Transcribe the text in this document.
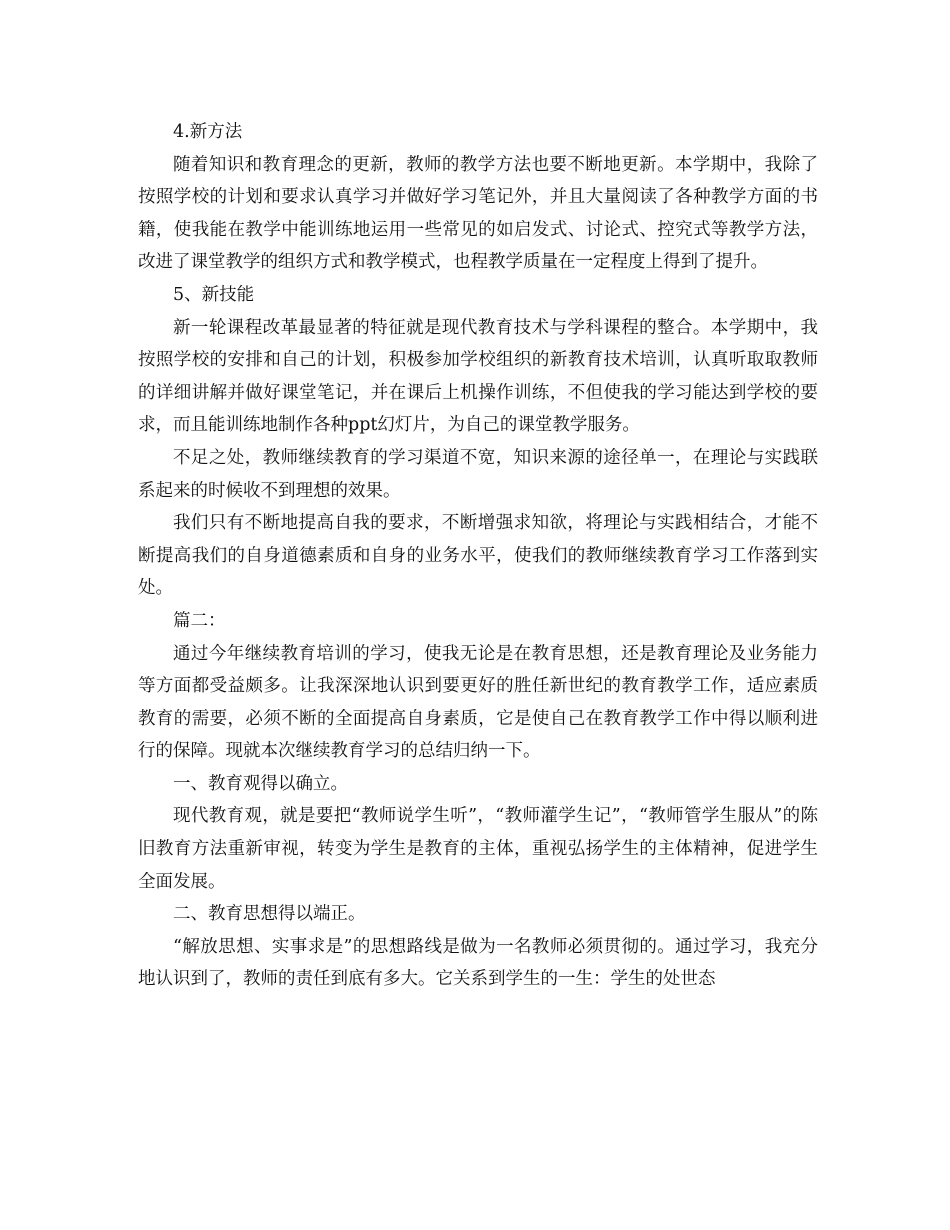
4.新方法

随着知识和教育理念的更新，教师的教学方法也要不断地更新。本学期中，我除了按照学校的计划和要求认真学习并做好学习笔记外，并且大量阅读了各种教学方面的书籍，使我能在教学中能训练地运用一些常见的如启发式、讨论式、控究式等教学方法，改进了课堂教学的组织方式和教学模式，也程教学质量在一定程度上得到了提升。

5、新技能

新一轮课程改革最显著的特征就是现代教育技术与学科课程的整合。本学期中，我按照学校的安排和自己的计划，积极参加学校组织的新教育技术培训，认真听取取教师的详细讲解并做好课堂笔记，并在课后上机操作训练，不但使我的学习能达到学校的要求，而且能训练地制作各种ppt幻灯片，为自己的课堂教学服务。

不足之处，教师继续教育的学习渠道不宽，知识来源的途径单一，在理论与实践联系起来的时候收不到理想的效果。

我们只有不断地提高自我的要求，不断增强求知欲，将理论与实践相结合，才能不断提高我们的自身道德素质和自身的业务水平，使我们的教师继续教育学习工作落到实处。

篇二：

通过今年继续教育培训的学习，使我无论是在教育思想，还是教育理论及业务能力等方面都受益颇多。让我深深地认识到要更好的胜任新世纪的教育教学工作，适应素质教育的需要，必须不断的全面提高自身素质，它是使自己在教育教学工作中得以顺利进行的保障。现就本次继续教育学习的总结归纳一下。

一、教育观得以确立。

现代教育观，就是要把“教师说学生听”，“教师灌学生记”，“教师管学生服从”的陈旧教育方法重新审视，转变为学生是教育的主体，重视弘扬学生的主体精神，促进学生全面发展。

二、教育思想得以端正。

“解放思想、实事求是”的思想路线是做为一名教师必须贯彻的。通过学习，我充分地认识到了，教师的责任到底有多大。它关系到学生的一生：学生的处世态
